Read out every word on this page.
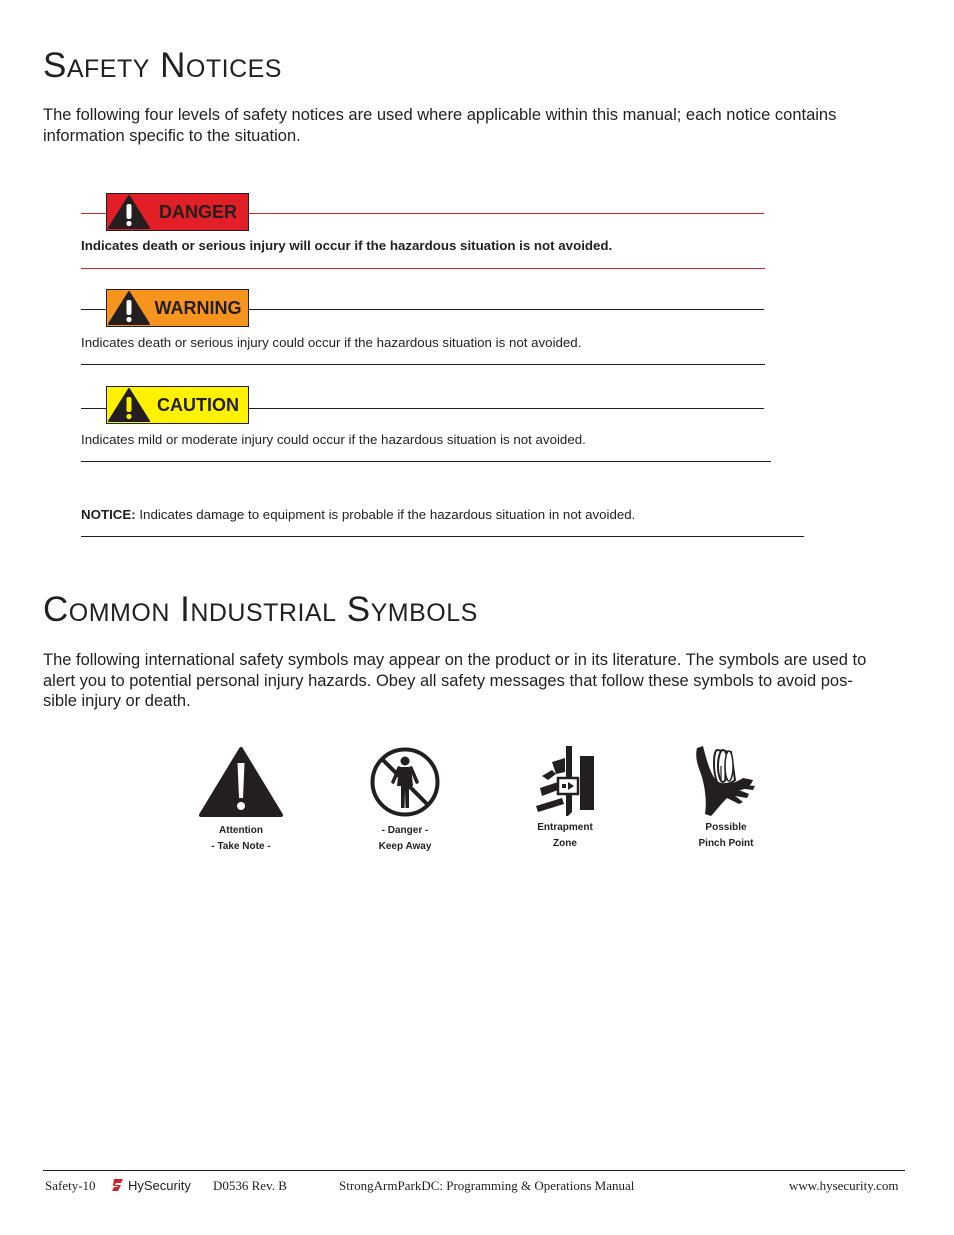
Safety Notices

The following four levels of safety notices are used where applicable within this manual; each notice contains information specific to the situation.

DANGER
Indicates death or serious injury will occur if the hazardous situation is not avoided.
WARNING
Indicates death or serious injury could occur if the hazardous situation is not avoided.
CAUTION
Indicates mild or moderate injury could occur if the hazardous situation is not avoided.
NOTICE: Indicates damage to equipment is probable if the hazardous situation in not avoided.
Common Industrial Symbols
The following international safety symbols may appear on the product or in its literature. The symbols are used to
alert you to potential personal injury hazards. Obey all safety messages that follow these symbols to avoid pos-
sible injury or death.
Attention
- Take Note -
- Danger -
Keep Away
Entrapment
Zone
Possible
Pinch Point
Safety-10 HySecurity D0536 Rev. B	StrongArmParkDC: Programming & Operations Manual	www.hysecurity.com
